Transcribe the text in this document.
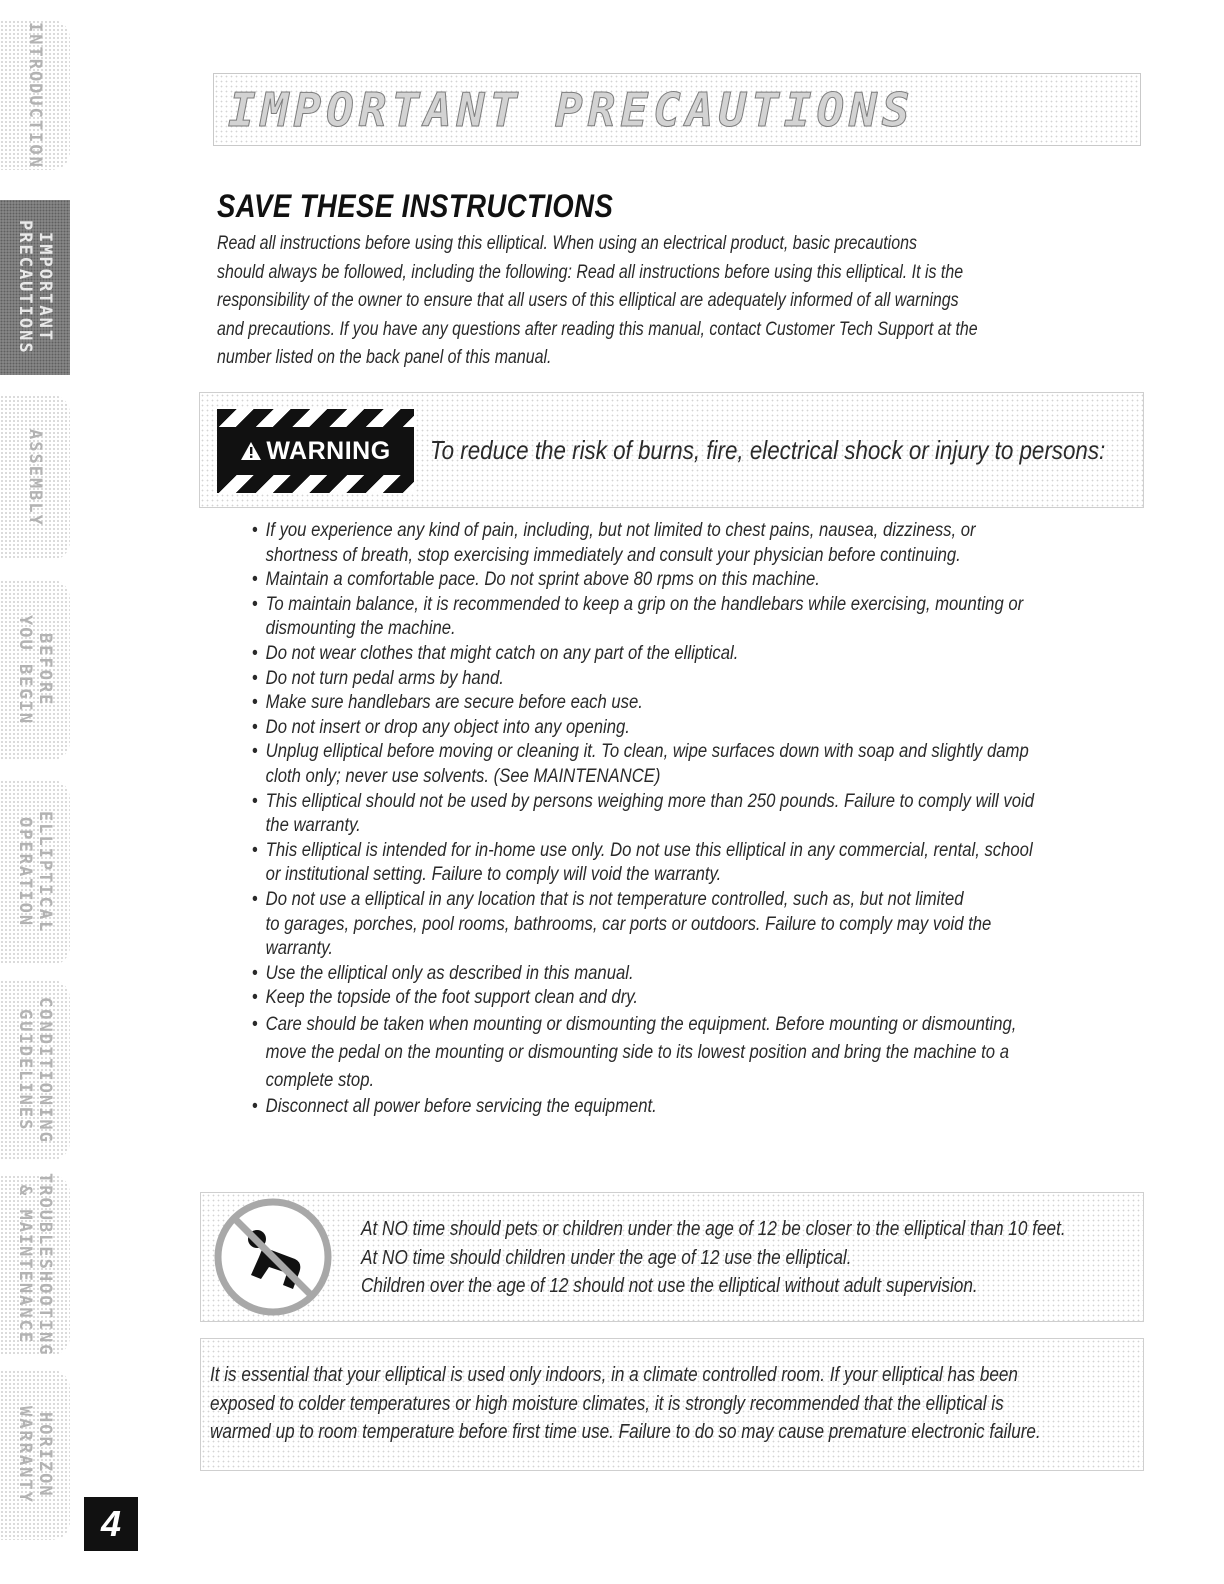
INTRODUCTION
IMPORTANT
PRECAUTIONS
ASSEMBLY
BEFORE
YOU BEGIN
ELLIPTICAL
OPERATION
CONDITIONING
GUIDELINES
TROUBLESHOOTING
& MAINTENANCE
HORIZON
WARRANTY
4
IMPORTANT PRECAUTIONS
SAVE THESE INSTRUCTIONS
Read all instructions before using this elliptical. When using an electrical product, basic precautions
should always be followed, including the following: Read all instructions before using this elliptical. It is the
responsibility of the owner to ensure that all users of this elliptical are adequately informed of all warnings
and precautions. If you have any questions after reading this manual, contact Customer Tech Support at the
number listed on the back panel of this manual.
WARNING To reduce the risk of burns, fire, electrical shock or injury to persons:
• If you experience any kind of pain, including, but not limited to chest pains, nausea, dizziness, or
shortness of breath, stop exercising immediately and consult your physician before continuing.
• Maintain a comfortable pace. Do not sprint above 80 rpms on this machine.
• To maintain balance, it is recommended to keep a grip on the handlebars while exercising, mounting or
dismounting the machine.
• Do not wear clothes that might catch on any part of the elliptical.
• Do not turn pedal arms by hand.
• Make sure handlebars are secure before each use.
• Do not insert or drop any object into any opening.
• Unplug elliptical before moving or cleaning it. To clean, wipe surfaces down with soap and slightly damp
cloth only; never use solvents. (See MAINTENANCE)
• This elliptical should not be used by persons weighing more than 250 pounds. Failure to comply will void
the warranty.
• This elliptical is intended for in-home use only. Do not use this elliptical in any commercial, rental, school
or institutional setting. Failure to comply will void the warranty.
• Do not use a elliptical in any location that is not temperature controlled, such as, but not limited
to garages, porches, pool rooms, bathrooms, car ports or outdoors. Failure to comply may void the
warranty.
• Use the elliptical only as described in this manual.
• Keep the topside of the foot support clean and dry.
• Care should be taken when mounting or dismounting the equipment. Before mounting or dismounting,
move the pedal on the mounting or dismounting side to its lowest position and bring the machine to a
complete stop.
• Disconnect all power before servicing the equipment.
At NO time should pets or children under the age of 12 be closer to the elliptical than 10 feet.
At NO time should children under the age of 12 use the elliptical.
Children over the age of 12 should not use the elliptical without adult supervision.
It is essential that your elliptical is used only indoors, in a climate controlled room. If your elliptical has been
exposed to colder temperatures or high moisture climates, it is strongly recommended that the elliptical is
warmed up to room temperature before first time use. Failure to do so may cause premature electronic failure.
